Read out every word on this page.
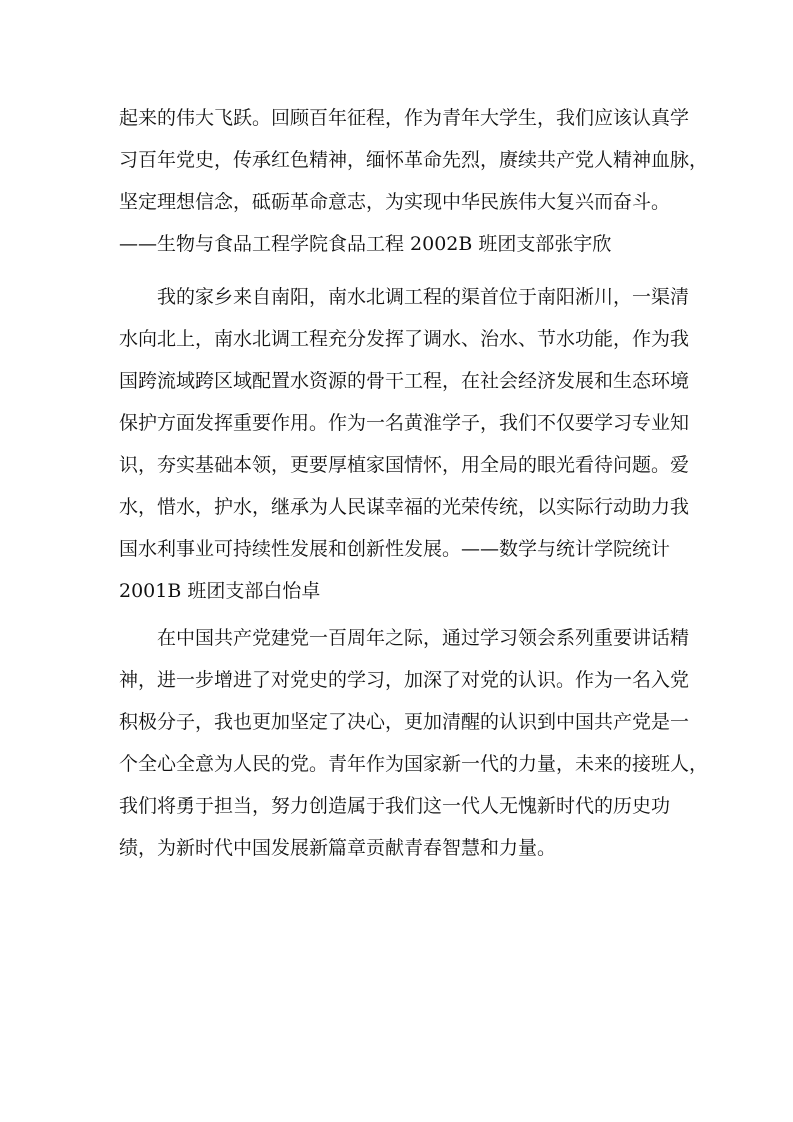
起来的伟大飞跃。回顾百年征程，作为青年大学生，我们应该认真学
习百年党史，传承红色精神，缅怀革命先烈，赓续共产党人精神血脉，
坚定理想信念，砥砺革命意志，为实现中华民族伟大复兴而奋斗。
——生物与食品工程学院食品工程 2002B 班团支部张宇欣
我的家乡来自南阳，南水北调工程的渠首位于南阳淅川，一渠清
水向北上，南水北调工程充分发挥了调水、治水、节水功能，作为我
国跨流域跨区域配置水资源的骨干工程，在社会经济发展和生态环境
保护方面发挥重要作用。作为一名黄淮学子，我们不仅要学习专业知
识，夯实基础本领，更要厚植家国情怀，用全局的眼光看待问题。爱
水，惜水，护水，继承为人民谋幸福的光荣传统，以实际行动助力我
国水利事业可持续性发展和创新性发展。——数学与统计学院统计
2001B 班团支部白怡卓
在中国共产党建党一百周年之际，通过学习领会系列重要讲话精
神，进一步增进了对党史的学习，加深了对党的认识。作为一名入党
积极分子，我也更加坚定了决心，更加清醒的认识到中国共产党是一
个全心全意为人民的党。青年作为国家新一代的力量，未来的接班人，
我们将勇于担当，努力创造属于我们这一代人无愧新时代的历史功
绩，为新时代中国发展新篇章贡献青春智慧和力量。
